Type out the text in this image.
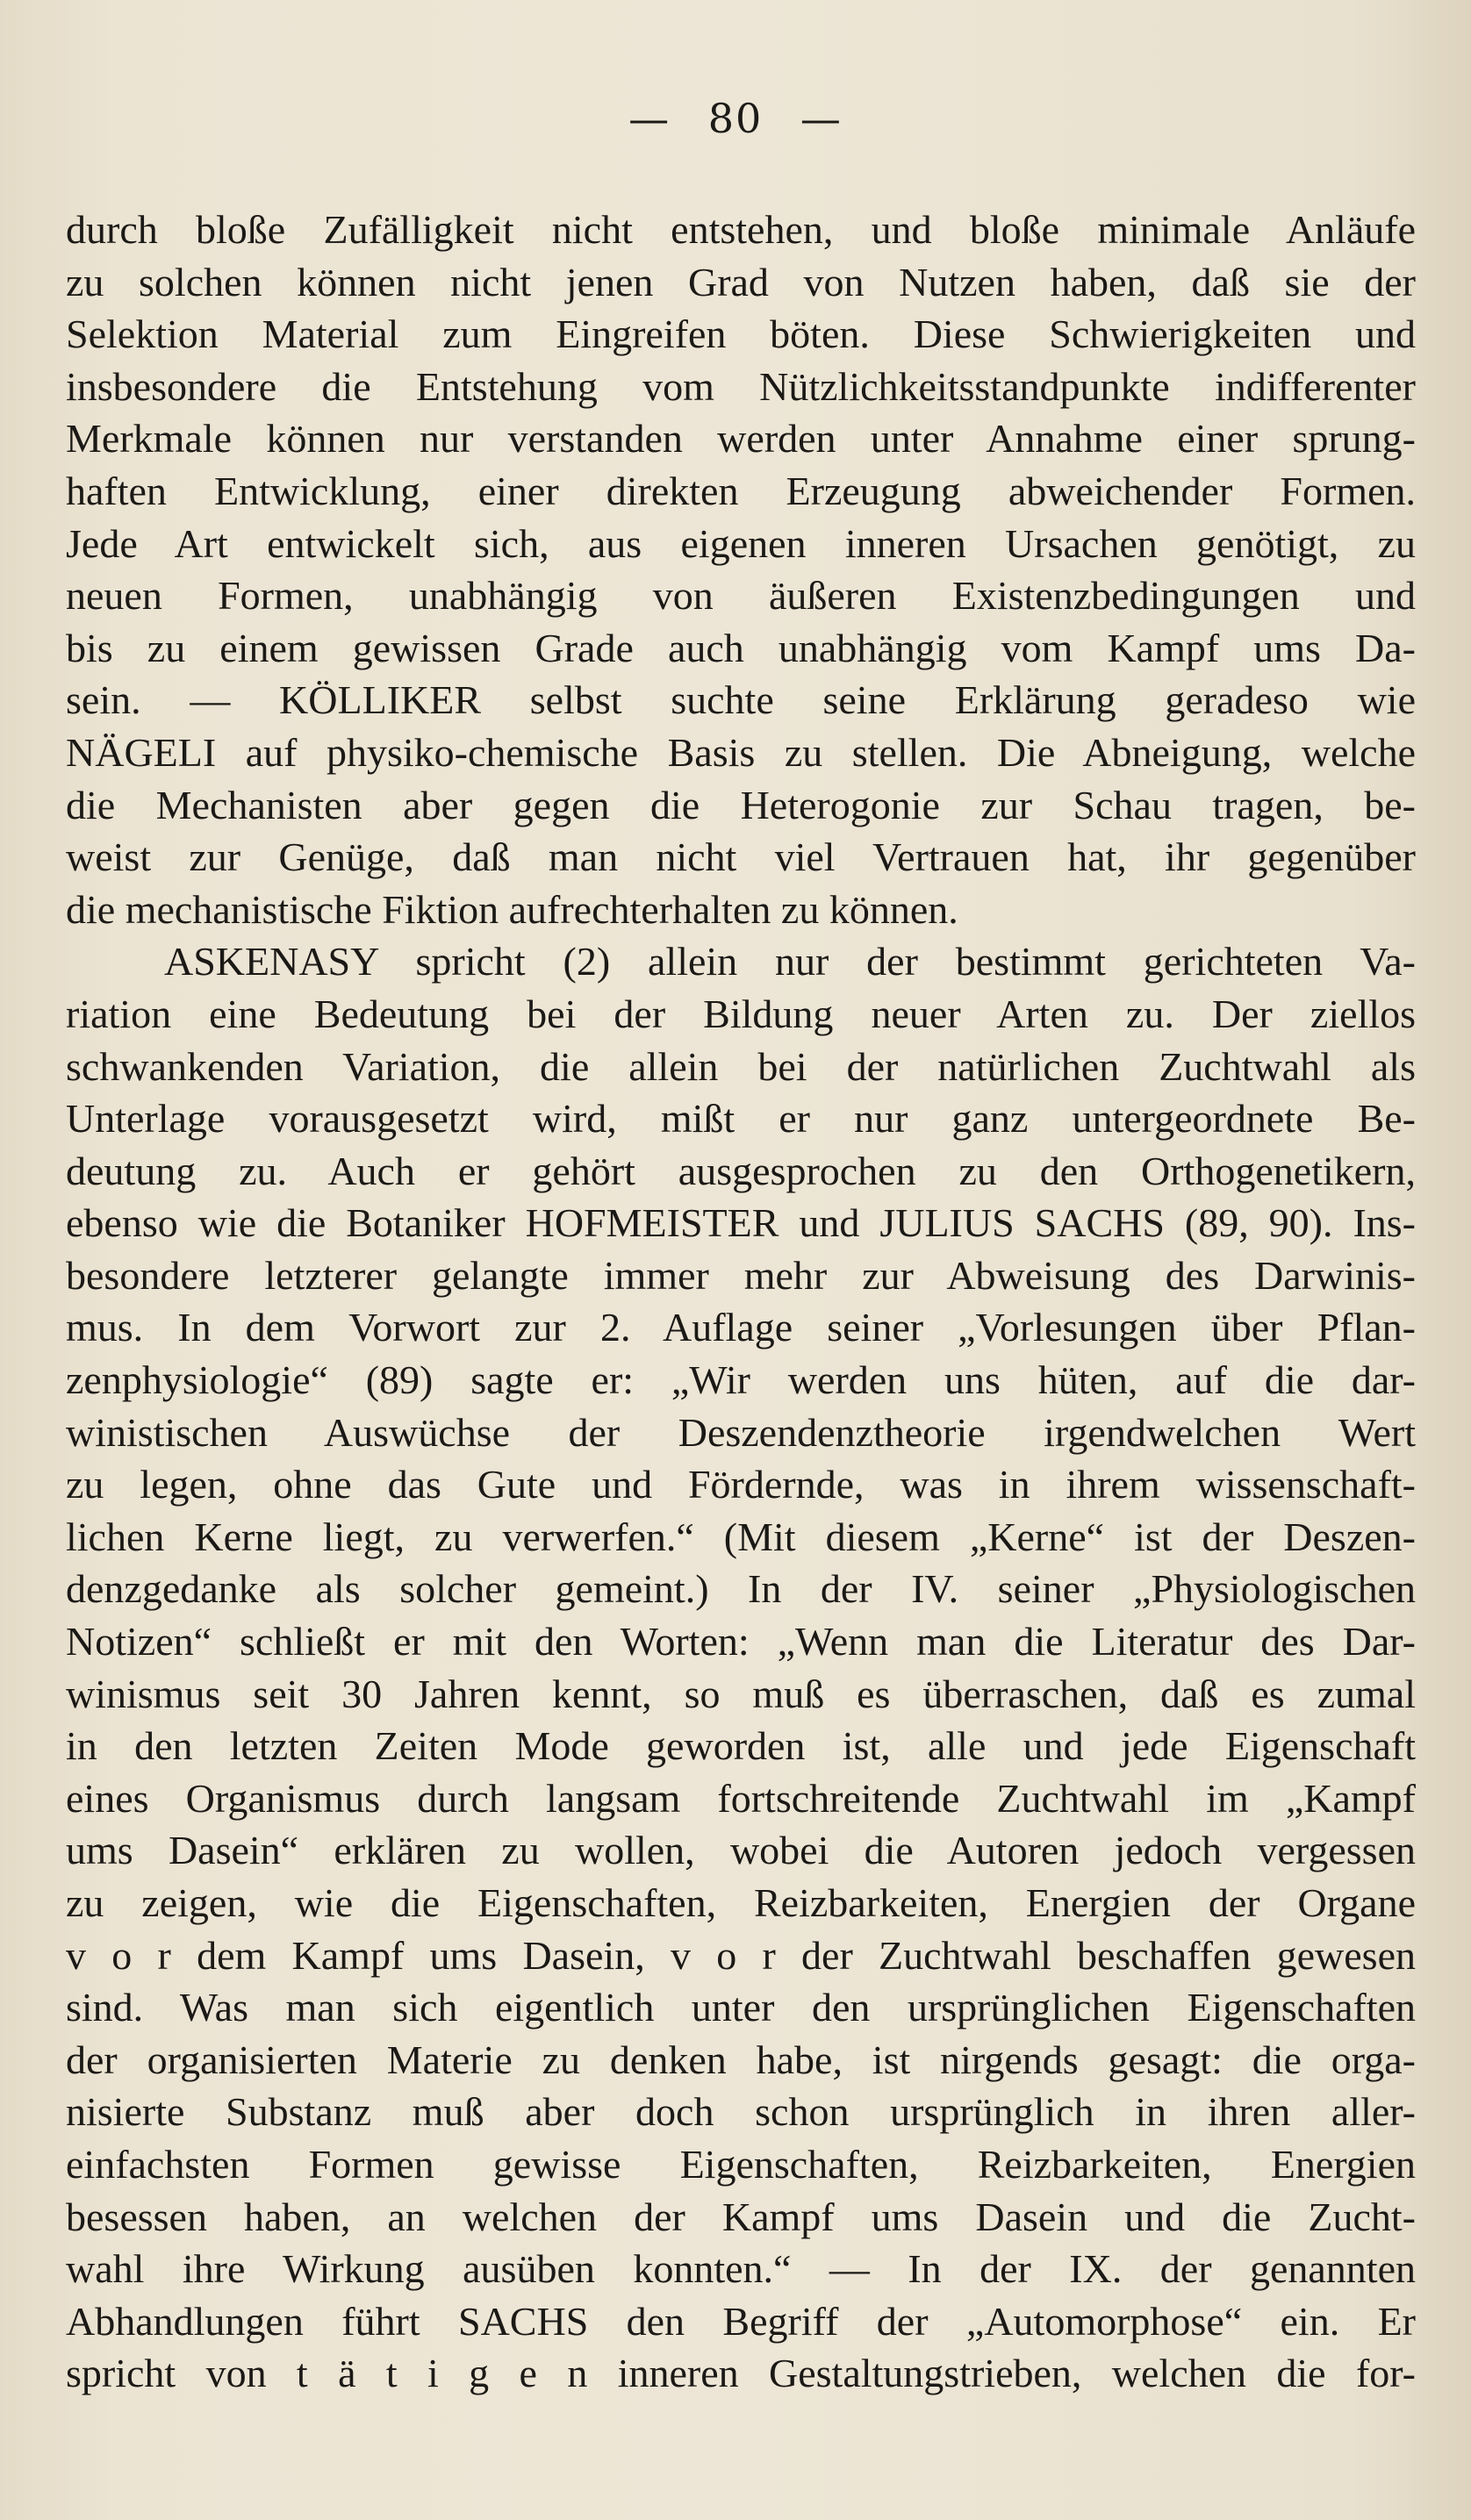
— 80 —
durch bloße Zufälligkeit nicht entstehen, und bloße minimale Anläufe
zu solchen können nicht jenen Grad von Nutzen haben, daß sie der
Selektion Material zum Eingreifen böten. Diese Schwierigkeiten und
insbesondere die Entstehung vom Nützlichkeitsstandpunkte indifferenter
Merkmale können nur verstanden werden unter Annahme einer sprung-
haften Entwicklung, einer direkten Erzeugung abweichender Formen.
Jede Art entwickelt sich, aus eigenen inneren Ursachen genötigt, zu
neuen Formen, unabhängig von äußeren Existenzbedingungen und
bis zu einem gewissen Grade auch unabhängig vom Kampf ums Da-
sein. — KÖLLIKER selbst suchte seine Erklärung geradeso wie
NÄGELI auf physiko-chemische Basis zu stellen. Die Abneigung, welche
die Mechanisten aber gegen die Heterogonie zur Schau tragen, be-
weist zur Genüge, daß man nicht viel Vertrauen hat, ihr gegenüber
die mechanistische Fiktion aufrechterhalten zu können.
ASKENASY spricht (2) allein nur der bestimmt gerichteten Va-
riation eine Bedeutung bei der Bildung neuer Arten zu. Der ziellos
schwankenden Variation, die allein bei der natürlichen Zuchtwahl als
Unterlage vorausgesetzt wird, mißt er nur ganz untergeordnete Be-
deutung zu. Auch er gehört ausgesprochen zu den Orthogenetikern,
ebenso wie die Botaniker HOFMEISTER und JULIUS SACHS (89, 90). Ins-
besondere letzterer gelangte immer mehr zur Abweisung des Darwinis-
mus. In dem Vorwort zur 2. Auflage seiner „Vorlesungen über Pflan-
zenphysiologie“ (89) sagte er: „Wir werden uns hüten, auf die dar-
winistischen Auswüchse der Deszendenztheorie irgendwelchen Wert
zu legen, ohne das Gute und Fördernde, was in ihrem wissenschaft-
lichen Kerne liegt, zu verwerfen.“ (Mit diesem „Kerne“ ist der Deszen-
denzgedanke als solcher gemeint.) In der IV. seiner „Physiologischen
Notizen“ schließt er mit den Worten: „Wenn man die Literatur des Dar-
winismus seit 30 Jahren kennt, so muß es überraschen, daß es zumal
in den letzten Zeiten Mode geworden ist, alle und jede Eigenschaft
eines Organismus durch langsam fortschreitende Zuchtwahl im „Kampf
ums Dasein“ erklären zu wollen, wobei die Autoren jedoch vergessen
zu zeigen, wie die Eigenschaften, Reizbarkeiten, Energien der Organe
v o r dem Kampf ums Dasein, v o r der Zuchtwahl beschaffen gewesen
sind. Was man sich eigentlich unter den ursprünglichen Eigenschaften
der organisierten Materie zu denken habe, ist nirgends gesagt: die orga-
nisierte Substanz muß aber doch schon ursprünglich in ihren aller-
einfachsten Formen gewisse Eigenschaften, Reizbarkeiten, Energien
besessen haben, an welchen der Kampf ums Dasein und die Zucht-
wahl ihre Wirkung ausüben konnten.“ — In der IX. der genannten
Abhandlungen führt SACHS den Begriff der „Automorphose“ ein. Er
spricht von t ä t i g e n inneren Gestaltungstrieben, welchen die for-
